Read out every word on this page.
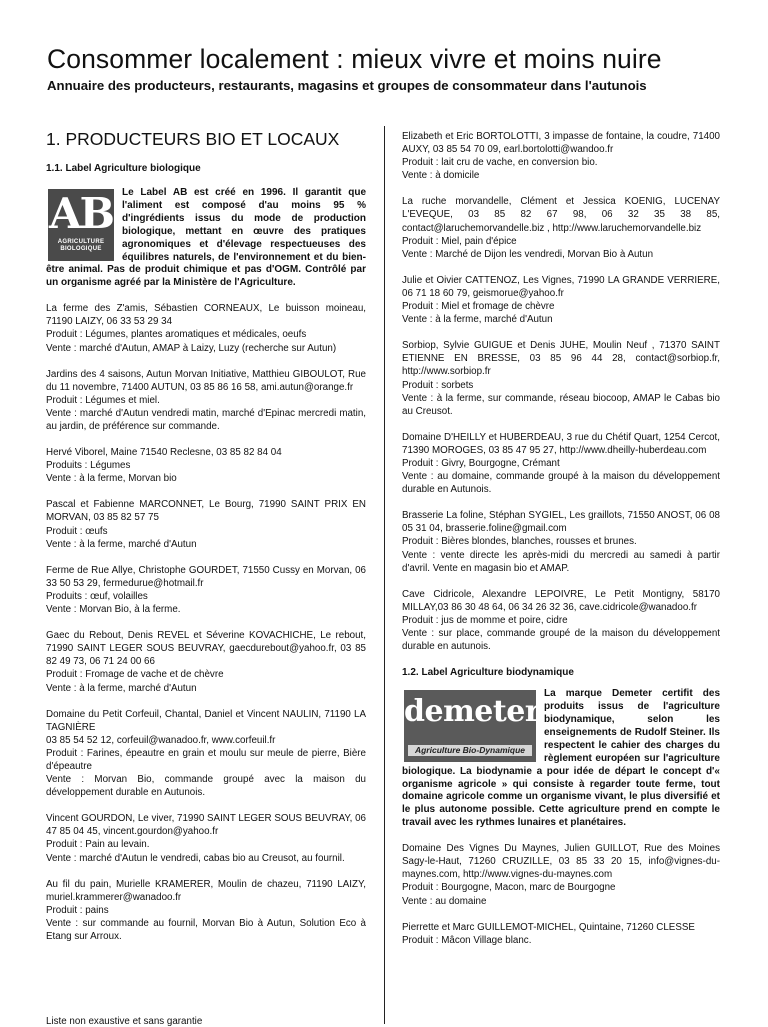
Consommer localement : mieux vivre et moins nuire
Annuaire des producteurs, restaurants, magasins et groupes de consommateur dans l'autunois
1. PRODUCTEURS BIO ET LOCAUX
1.1. Label Agriculture biologique
AB
AGRICULTURE
BIOLOGIQUE
Le Label AB est créé en 1996. Il garantit que l'aliment est composé d'au moins 95 % d'ingrédients issus du mode de production biologique, mettant en œuvre des pratiques agronomiques et d'élevage respectueuses des équilibres naturels, de l'environnement et du bien-être animal. Pas de produit chimique et pas d'OGM. Contrôlé par un organisme agréé par la Ministère de l'Agriculture.
La ferme des Z'amis, Sébastien CORNEAUX, Le buisson moineau, 71190 LAIZY, 06 33 53 29 34
Produit : Légumes, plantes aromatiques et médicales, oeufs
Vente : marché d'Autun, AMAP à Laizy, Luzy (recherche sur Autun)
Jardins des 4 saisons, Autun Morvan Initiative, Matthieu GIBOULOT, Rue du 11 novembre, 71400 AUTUN, 03 85 86 16 58, ami.autun@orange.fr
Produit : Légumes et miel.
Vente : marché d'Autun vendredi matin, marché d'Epinac mercredi matin, au jardin, de préférence sur commande.
Hervé Viborel, Maine 71540 Reclesne, 03 85 82 84 04
Produits : Légumes
Vente : à la ferme, Morvan bio
Pascal et Fabienne MARCONNET, Le Bourg, 71990 SAINT PRIX EN MORVAN, 03 85 82 57 75
Produit : œufs
Vente : à la ferme, marché d'Autun
Ferme de Rue Allye, Christophe GOURDET, 71550 Cussy en Morvan, 06 33 50 53 29, fermedurue@hotmail.fr
Produits : œuf, volailles
Vente : Morvan Bio, à la ferme.
Gaec du Rebout, Denis REVEL et Séverine KOVACHICHE, Le rebout, 71990 SAINT LEGER SOUS BEUVRAY, gaecdurebout@yahoo.fr, 03 85 82 49 73, 06 71 24 00 66
Produit : Fromage de vache et de chèvre
Vente : à la ferme, marché d'Autun
Domaine du Petit Corfeuil, Chantal, Daniel et Vincent NAULIN, 71190 LA TAGNIÈRE
03 85 54 52 12, corfeuil@wanadoo.fr, www.corfeuil.fr
Produit : Farines, épeautre en grain et moulu sur meule de pierre, Bière d'épeautre
Vente : Morvan Bio, commande groupé avec la maison du développement durable en Autunois.
Vincent GOURDON, Le viver, 71990 SAINT LEGER SOUS BEUVRAY, 06 47 85 04 45, vincent.gourdon@yahoo.fr
Produit : Pain au levain.
Vente : marché d'Autun le vendredi, cabas bio au Creusot, au fournil.
Au fil du pain, Murielle KRAMERER, Moulin de chazeu, 71190 LAIZY, muriel.krammerer@wanadoo.fr
Produit : pains
Vente : sur commande au fournil, Morvan Bio à Autun, Solution Eco à Etang sur Arroux.
Elizabeth et Eric BORTOLOTTI, 3 impasse de fontaine, la coudre, 71400 AUXY, 03 85 54 70 09, earl.bortolotti@wandoo.fr
Produit : lait cru de vache, en conversion bio.
Vente : à domicile
La ruche morvandelle, Clément et Jessica KOENIG, LUCENAY L'EVEQUE, 03 85 82 67 98, 06 32 35 38 85, contact@laruchemorvandelle.biz , http://www.laruchemorvandelle.biz
Produit : Miel, pain d'épice
Vente : Marché de Dijon les vendredi, Morvan Bio à Autun
Julie et Oivier CATTENOZ, Les Vignes, 71990 LA GRANDE VERRIERE, 06 71 18 60 79, geismorue@yahoo.fr
Produit : Miel et fromage de chèvre
Vente : à la ferme, marché d'Autun
Sorbiop, Sylvie GUIGUE et Denis JUHE, Moulin Neuf , 71370 SAINT ETIENNE EN BRESSE, 03 85 96 44 28, contact@sorbiop.fr, http://www.sorbiop.fr
Produit : sorbets
Vente : à la ferme, sur commande, réseau biocoop, AMAP le Cabas bio au Creusot.
Domaine D'HEILLY et HUBERDEAU, 3 rue du Chétif Quart, 1254 Cercot, 71390 MOROGES, 03 85 47 95 27, http://www.dheilly-huberdeau.com
Produit : Givry, Bourgogne, Crémant
Vente : au domaine, commande groupé à la maison du développement durable en Autunois.
Brasserie La foline, Stéphan SYGIEL, Les graillots, 71550 ANOST, 06 08 05 31 04, brasserie.foline@gmail.com
Produit : Bières blondes, blanches, rousses et brunes.
Vente : vente directe les après-midi du mercredi au samedi à partir d'avril. Vente en magasin bio et AMAP.
Cave Cidricole, Alexandre LEPOIVRE, Le Petit Montigny, 58170 MILLAY,03 86 30 48 64, 06 34 26 32 36, cave.cidricole@wanadoo.fr
Produit : jus de momme et poire, cidre
Vente : sur place, commande groupé de la maison du développement durable en autunois.
1.2. Label Agriculture biodynamique
demeter
Agriculture Bio-Dynamique
La marque Demeter certifit des produits issus de l'agriculture biodynamique, selon les enseignements de Rudolf Steiner. Ils respectent le cahier des charges du règlement européen sur l'agriculture biologique. La biodynamie a pour idée de départ le concept d'« organisme agricole » qui consiste à regarder toute ferme, tout domaine agricole comme un organisme vivant, le plus diversifié et le plus autonome possible. Cette agriculture prend en compte le travail avec les rythmes lunaires et planétaires.
Domaine Des Vignes Du Maynes, Julien GUILLOT, Rue des Moines Sagy-le-Haut, 71260 CRUZILLE, 03 85 33 20 15, info@vignes-du-maynes.com, http://www.vignes-du-maynes.com
Produit : Bourgogne, Macon, marc de Bourgogne
Vente : au domaine
Pierrette et Marc GUILLEMOT-MICHEL, Quintaine, 71260 CLESSE
Produit : Mâcon Village blanc.
Liste non exaustive et sans garantie
